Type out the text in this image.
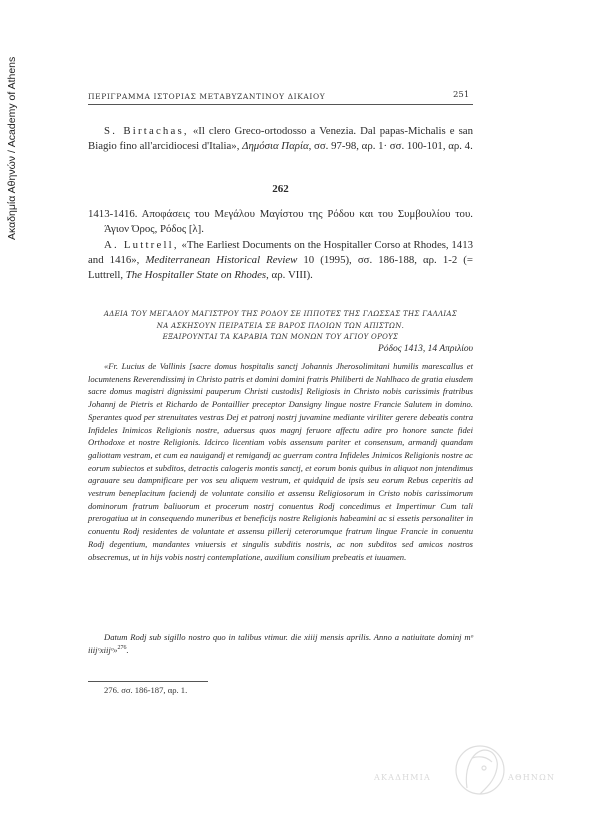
Ακαδημία Αθηνών / Academy of Athens	ΠΕΡΙΓΡΑΜΜΑ ΙΣΤΟΡΙΑΣ ΜΕΤΑΒΥΖΑΝΤΙΝΟΥ ΔΙΚΑΙΟΥ	251

S. Birtachas, «Il clero Greco-ortodosso a Venezia. Dal papas-Michalis e san Biagio fino all'arcidiocesi d'Italia», Δημόσια Παρία, σσ. 97-98, αρ. 1· σσ. 100-101, αρ. 4.

262

1413-1416. Αποφάσεις του Μεγάλου Μαγίστου της Ρόδου και του Συμβουλίου του. Άγιον Όρος, Ρόδος [λ].

A. Luttrell, «The Earliest Documents on the Hospitaller Corso at Rhodes, 1413 and 1416», Mediterranean Historical Review 10 (1995), σσ. 186-188, αρ. 1-2 (= Luttrell, The Hospitaller State on Rhodes, αρ. VIII).

ΑΔΕΙΑ ΤΟΥ ΜΕΓΑΛΟΥ ΜΑΓΙΣΤΡΟΥ ΤΗΣ ΡΟΔΟΥ ΣΕ ΙΠΠΟΤΕΣ ΤΗΣ ΓΛΩΣΣΑΣ ΤΗΣ ΓΑΛΛΙΑΣ
ΝΑ ΑΣΚΗΣΟΥΝ ΠΕΙΡΑΤΕΙΑ ΣΕ ΒΑΡΟΣ ΠΛΟΙΩΝ ΤΩΝ ΑΠΙΣΤΩΝ.
ΕΞΑΙΡΟΥΝΤΑΙ ΤΑ ΚΑΡΑΒΙΑ ΤΩΝ ΜΟΝΩΝ ΤΟΥ ΑΓΙΟΥ ΟΡΟΥΣ
Ρόδος 1413, 14 Απριλίου

«Fr. Lucius de Vallinis [sacre domus hospitalis sanctj Johannis Jherosolimitani humilis marescallus et locumtenens Reverendissimj in Christo patris et domini domini fratris Philiberti de Nahlhaco de gratia eiusdem sacre domus magistri dignissimi pauperum Christi custodis] Religiosis in Christo nobis carissimis fratribus Johannj de Pietris et Richardo de Pontaillier preceptor Dansigny lingue nostre Francie Salutem in domino. Sperantes quod per strenuitates vestras Dej et patronj nostrj juvamine mediante viriliter gerere debeatis contra Infideles Inimicos Religionis nostre, aduersus quos magnj feruore affectu adire pro honore sancte fidei Orthodoxe et nostre Religionis. Idcirco licentiam vobis assensum pariter et consensum, armandj quandam galiottam vestram, et cum ea nauigandj et remigandj ac guerram contra Infideles Jnimicos Religionis nostre ac eorum subiectos et subditos, detractis calogeris montis sanctj, et eorum bonis quibus in aliquot non jntendimus agrauare seu dampnificare per vos seu aliquem vestrum, et quidquid de ipsis seu eorum Rebus ceperitis ad vestrum beneplacitum faciendj de voluntate consilio et assensu Religiosorum in Cristo nobis carissimorum dominorum fratrum baliuorum et procerum nostrj conuentus Rodj concedimus et Impertimur Cum tali prerogatiua ut in consequendo muneribus et beneficijs nostre Religionis habeamini ac si essetis personaliter in conuentu Rodj residentes de voluntate et assensu pillerij ceterorumque fratrum lingue Francie in conuentu Rodj degentium, mandantes vniuersis et singulis subditis nostris, ac non subditos sed amicos nostros obsecremus, ut in hijs vobis nostrj contemplatione, auxilium consilium prebeatis et iuuamen.

Datum Rodj sub sigillo nostro quo in talibus vtimur. die xiiij mensis aprilis. Anno a natiuitate dominj mᵒ iiijᶜxiijᵒ»$^{276}$.

276. σσ. 186-187, αρ. 1.
ΑΚΑΔΗΜΙΑ	ΑΘΗΝΩΝ
